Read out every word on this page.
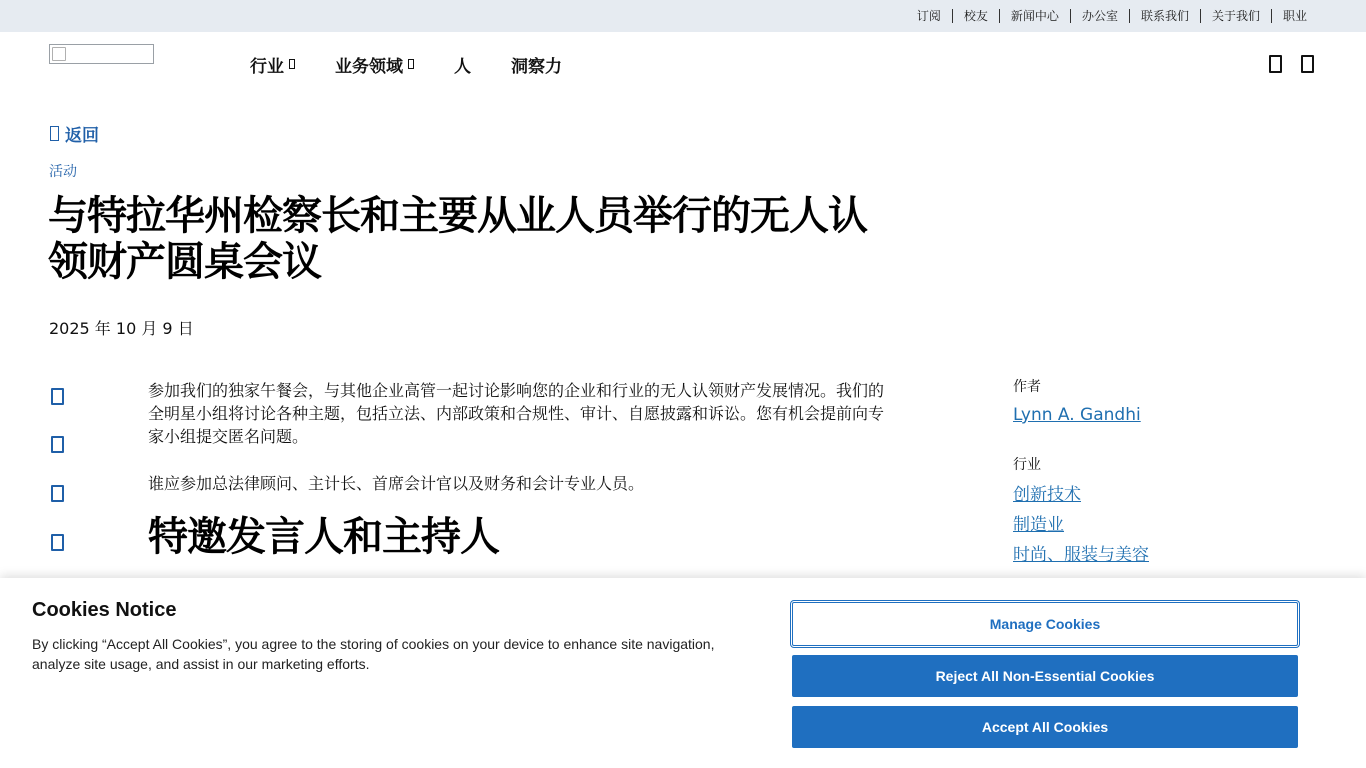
订阅	校友	新闻中心	办公室	联系我们	关于我们	职业
行业	业务领域	人 洞察力
返回
活动
与特拉华州检察长和主要从业人员举行的无人认领财产圆桌会议
2025 年 10 月 9 日

参加我们的独家午餐会，与其他企业高管一起讨论影响您的企业和行业的无人认领财产发展情况。我们的全明星小组将讨论各种主题，包括立法、内部政策和合规性、审计、自愿披露和诉讼。您有机会提前向专家小组提交匿名问题。

谁应参加总法律顾问、主计长、首席会计官以及财务和会计专业人员。

特邀发言人和主持人
作者
Lynn A. Gandhi
行业
创新技术
制造业
时尚、服装与美容
Cookies Notice

By clicking “Accept All Cookies”, you agree to the storing of cookies on your device to enhance site navigation, analyze site usage, and assist in our marketing efforts.

Manage Cookies
Reject All Non-Essential Cookies
Accept All Cookies
